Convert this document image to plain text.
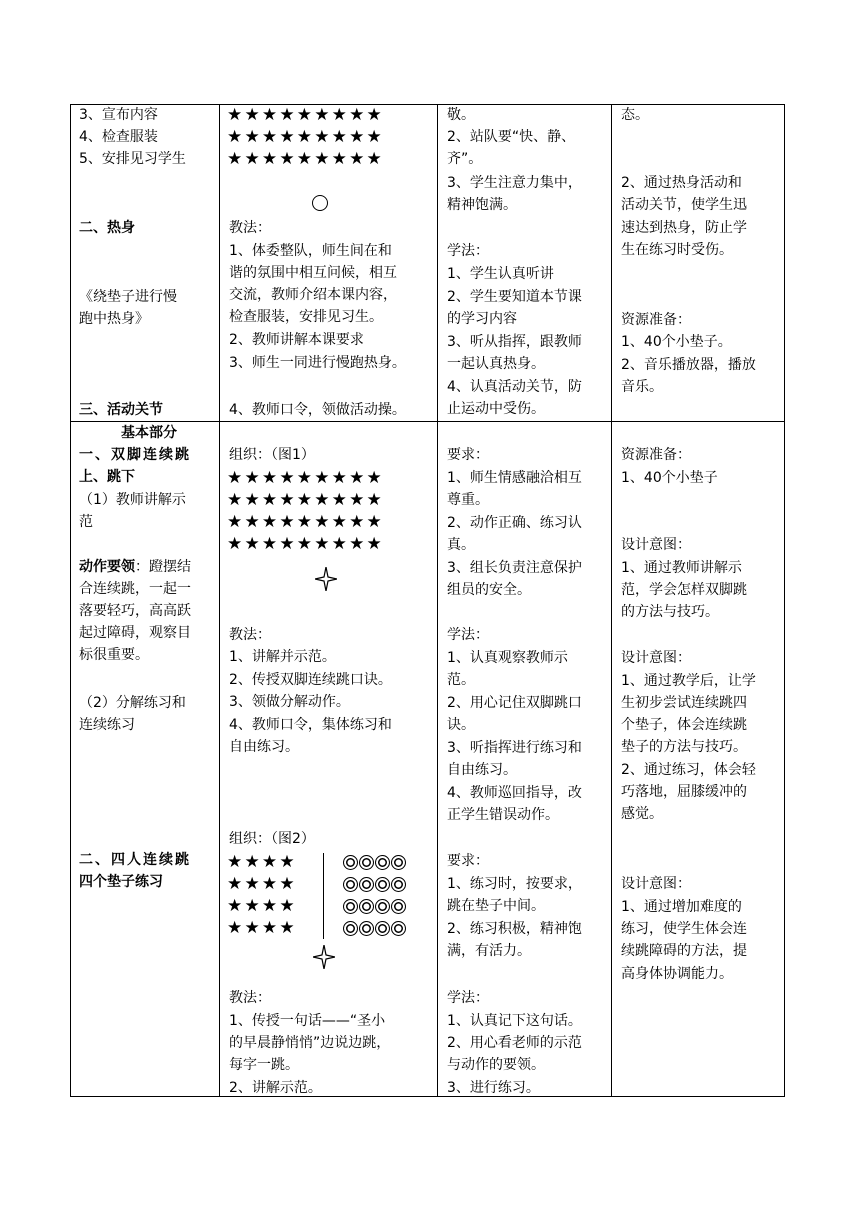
3、宣布内容
4、检查服装
5、安排见习学生
二、热身
《绕垫子进行慢
跑中热身》
三、活动关节
基本部分
一、双脚连续跳
上、跳下
（1）教师讲解示
范
动作要领：蹬摆结
合连续跳，一起一
落要轻巧，高高跃
起过障碍，观察目
标很重要。
（2）分解练习和
连续练习
二、四人连续跳
四个垫子练习
★★★★★★★★★
★★★★★★★★★
★★★★★★★★★
教法：
1、体委整队，师生间在和
谐的氛围中相互问候，相互
交流，教师介绍本课内容，
检查服装，安排见习生。
2、教师讲解本课要求
3、师生一同进行慢跑热身。
4、教师口令，领做活动操。
组织：（图1）
★★★★★★★★★
★★★★★★★★★
★★★★★★★★★
★★★★★★★★★
教法：
1、讲解并示范。
2、传授双脚连续跳口诀。
3、领做分解动作。
4、教师口令，集体练习和
自由练习。
组织：（图2）
★★★★
★★★★
★★★★
★★★★
教法：
1、传授一句话——“圣小
的早晨静悄悄”边说边跳，
每字一跳。
2、讲解示范。
敬。
2、站队要“快、静、
齐”。
3、学生注意力集中，
精神饱满。
学法：
1、学生认真听讲
2、学生要知道本节课
的学习内容
3、听从指挥，跟教师
一起认真热身。
4、认真活动关节，防
止运动中受伤。
要求：
1、师生情感融洽相互
尊重。
2、动作正确、练习认
真。
3、组长负责注意保护
组员的安全。
学法：
1、认真观察教师示
范。
2、用心记住双脚跳口
诀。
3、听指挥进行练习和
自由练习。
4、教师巡回指导，改
正学生错误动作。
要求：
1、练习时，按要求，
跳在垫子中间。
2、练习积极，精神饱
满，有活力。
学法：
1、认真记下这句话。
2、用心看老师的示范
与动作的要领。
3、进行练习。
态。
2、通过热身活动和
活动关节，使学生迅
速达到热身，防止学
生在练习时受伤。
资源准备：
1、40个小垫子。
2、音乐播放器，播放
音乐。
资源准备：
1、40个小垫子
设计意图：
1、通过教师讲解示
范，学会怎样双脚跳
的方法与技巧。
设计意图：
1、通过教学后，让学
生初步尝试连续跳四
个垫子，体会连续跳
垫子的方法与技巧。
2、通过练习，体会轻
巧落地，屈膝缓冲的
感觉。
设计意图：
1、通过增加难度的
练习，使学生体会连
续跳障碍的方法，提
高身体协调能力。
